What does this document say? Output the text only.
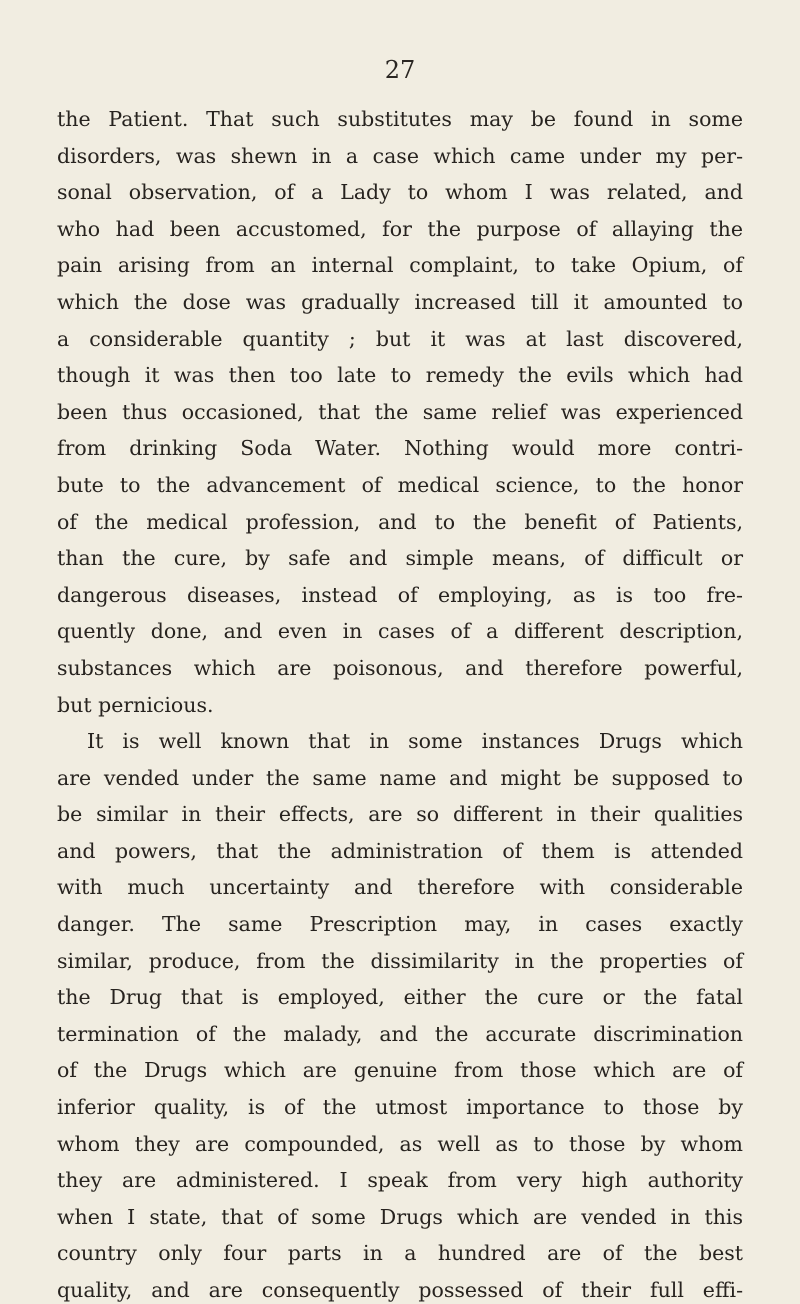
27
the Patient. That such substitutes may be found in some
disorders, was shewn in a case which came under my per-
sonal observation, of a Lady to whom I was related, and
who had been accustomed, for the purpose of allaying the
pain arising from an internal complaint, to take Opium, of
which the dose was gradually increased till it amounted to
a considerable quantity ; but it was at last discovered,
though it was then too late to remedy the evils which had
been thus occasioned, that the same relief was experienced
from drinking Soda Water. Nothing would more contri-
bute to the advancement of medical science, to the honor
of the medical profession, and to the benefit of Patients,
than the cure, by safe and simple means, of difficult or
dangerous diseases, instead of employing, as is too fre-
quently done, and even in cases of a different description,
substances which are poisonous, and therefore powerful,
but pernicious.
It is well known that in some instances Drugs which
are vended under the same name and might be supposed to
be similar in their effects, are so different in their qualities
and powers, that the administration of them is attended
with much uncertainty and therefore with considerable
danger. The same Prescription may, in cases exactly
similar, produce, from the dissimilarity in the properties of
the Drug that is employed, either the cure or the fatal
termination of the malady, and the accurate discrimination
of the Drugs which are genuine from those which are of
inferior quality, is of the utmost importance to those by
whom they are compounded, as well as to those by whom
they are administered. I speak from very high authority
when I state, that of some Drugs which are vended in this
country only four parts in a hundred are of the best
quality, and are consequently possessed of their full effi-
